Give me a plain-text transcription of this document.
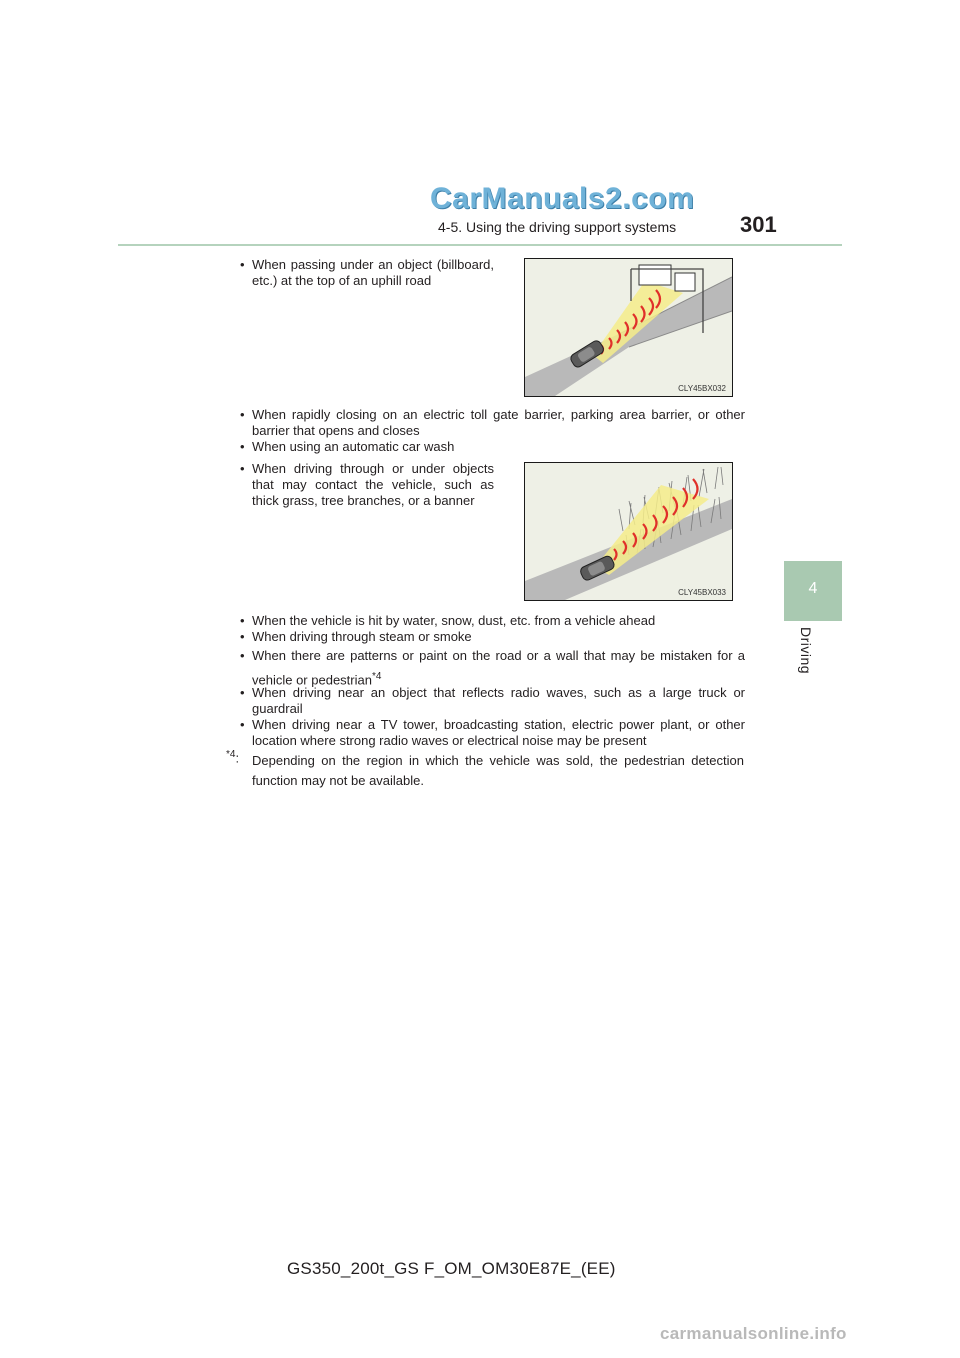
CarManuals2.com
4-5. Using the driving support systems	301
4
Driving
• When passing under an object (billboard, etc.) at the top of an uphill road
CLY45BX032
• When rapidly closing on an electric toll gate barrier, parking area barrier, or other barrier that opens and closes
• When using an automatic car wash
• When driving through or under objects that may contact the vehicle, such as thick grass, tree branches, or a banner
CLY45BX033
• When the vehicle is hit by water, snow, dust, etc. from a vehicle ahead
• When driving through steam or smoke
• When there are patterns or paint on the road or a wall that may be mistaken for a vehicle or pedestrian$^{*4}$
• When driving near an object that reflects radio waves, such as a large truck or guardrail
• When driving near a TV tower, broadcasting station, electric power plant, or other location where strong radio waves or electrical noise may be present
$^{*4}$: Depending on the region in which the vehicle was sold, the pedestrian detection function may not be available.
GS350_200t_GS F_OM_OM30E87E_(EE)
carmanualsonline.info
